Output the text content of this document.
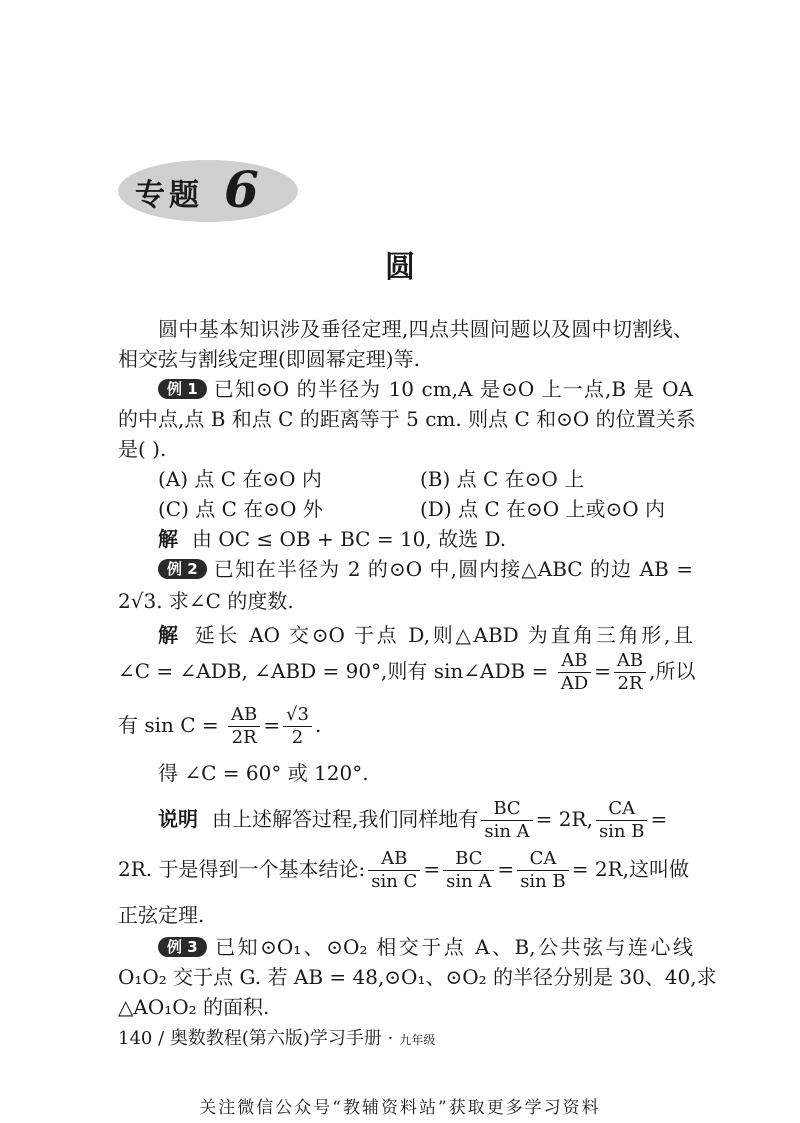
专题 6
圆
圆中基本知识涉及垂径定理,四点共圆问题以及圆中切割线、
相交弦与割线定理(即圆幂定理)等.
例 1 已知⊙O 的半径为 10 cm,A 是⊙O 上一点,B 是 OA
的中点,点 B 和点 C 的距离等于 5 cm. 则点 C 和⊙O 的位置关系
是( ).
(A) 点 C 在⊙O 内	(B) 点 C 在⊙O 上
(C) 点 C 在⊙O 外	(D) 点 C 在⊙O 上或⊙O 内
解 由 OC ≤ OB + BC = 10, 故选 D.
例 2 已知在半径为 2 的⊙O 中,圆内接△ABC 的边 AB =
2√3. 求∠C 的度数.
解 延长 AO 交⊙O 于点 D,则△ABD 为直角三角形,且
∠C = ∠ADB, ∠ABD = 90°,则有 sin∠ADB = $\frac{AB}{AD} = \frac{AB}{2R}$ ,所以
有 $\sin C = \frac{AB}{2R} = \frac{√3}{2}$ .
得 ∠C = 60° 或 120°.
说明 由上述解答过程,我们同样地有 $\frac{BC}{\text{sin A}} = 2R$, $\frac{CA}{\text{sin B}}$ =
2R. 于是得到一个基本结论: $\frac{AB}{\text{sin C}} = \frac{BC}{\text{sin A}} = \frac{CA}{\text{sin B}} = 2R$,这叫做
正弦定理.
例 3 已知⊙O₁、⊙O₂ 相交于点 A、B,公共弦与连心线
O₁O₂ 交于点 G. 若 AB = 48,⊙O₁、⊙O₂ 的半径分别是 30、40,求
△AO₁O₂ 的面积.
140 / 奥数教程(第六版)学习手册 · 九年级
关注微信公众号“教辅资料站”获取更多学习资料
